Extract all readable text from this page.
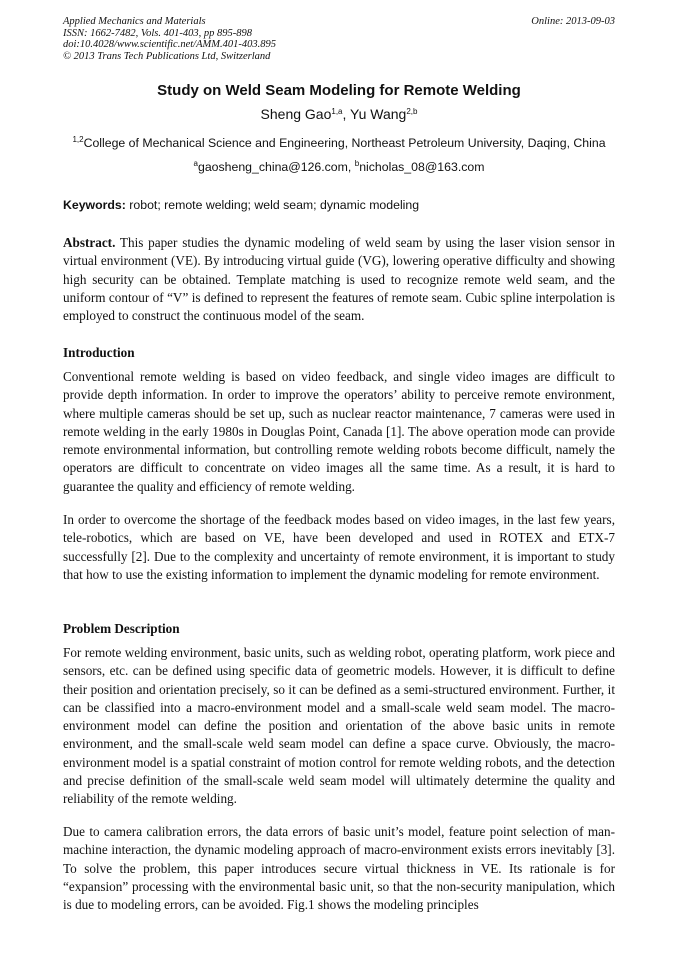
Applied Mechanics and Materials
ISSN: 1662-7482, Vols. 401-403, pp 895-898
doi:10.4028/www.scientific.net/AMM.401-403.895
© 2013 Trans Tech Publications Ltd, Switzerland
Online: 2013-09-03
Study on Weld Seam Modeling for Remote Welding
Sheng Gao$^{1,a}$, Yu Wang$^{2,b}$
$^{1,2}$College of Mechanical Science and Engineering, Northeast Petroleum University, Daqing, China
$^a$gaosheng_china@126.com, $^b$nicholas_08@163.com
Keywords: robot; remote welding; weld seam; dynamic modeling
Abstract. This paper studies the dynamic modeling of weld seam by using the laser vision sensor in virtual environment (VE). By introducing virtual guide (VG), lowering operative difficulty and showing high security can be obtained. Template matching is used to recognize remote weld seam, and the uniform contour of “V” is defined to represent the features of remote seam. Cubic spline interpolation is employed to construct the continuous model of the seam.
Introduction
Conventional remote welding is based on video feedback, and single video images are difficult to provide depth information. In order to improve the operators’ ability to perceive remote environment, where multiple cameras should be set up, such as nuclear reactor maintenance, 7 cameras were used in remote welding in the early 1980s in Douglas Point, Canada [1]. The above operation mode can provide remote environmental information, but controlling remote welding robots become difficult, namely the operators are difficult to concentrate on video images all the same time. As a result, it is hard to guarantee the quality and efficiency of remote welding.
In order to overcome the shortage of the feedback modes based on video images, in the last few years, tele-robotics, which are based on VE, have been developed and used in ROTEX and ETX-7 successfully [2]. Due to the complexity and uncertainty of remote environment, it is important to study that how to use the existing information to implement the dynamic modeling for remote environment.
Problem Description
For remote welding environment, basic units, such as welding robot, operating platform, work piece and sensors, etc. can be defined using specific data of geometric models. However, it is difficult to define their position and orientation precisely, so it can be defined as a semi-structured environment. Further, it can be classified into a macro-environment model and a small-scale weld seam model. The macro-environment model can define the position and orientation of the above basic units in remote environment, and the small-scale weld seam model can define a space curve. Obviously, the macro-environment model is a spatial constraint of motion control for remote welding robots, and the detection and precise definition of the small-scale weld seam model will ultimately determine the quality and reliability of the remote welding.
Due to camera calibration errors, the data errors of basic unit’s model, feature point selection of man-machine interaction, the dynamic modeling approach of macro-environment exists errors inevitably [3]. To solve the problem, this paper introduces secure virtual thickness in VE. Its rationale is for “expansion” processing with the environmental basic unit, so that the non-security manipulation, which is due to modeling errors, can be avoided. Fig.1 shows the modeling principles
